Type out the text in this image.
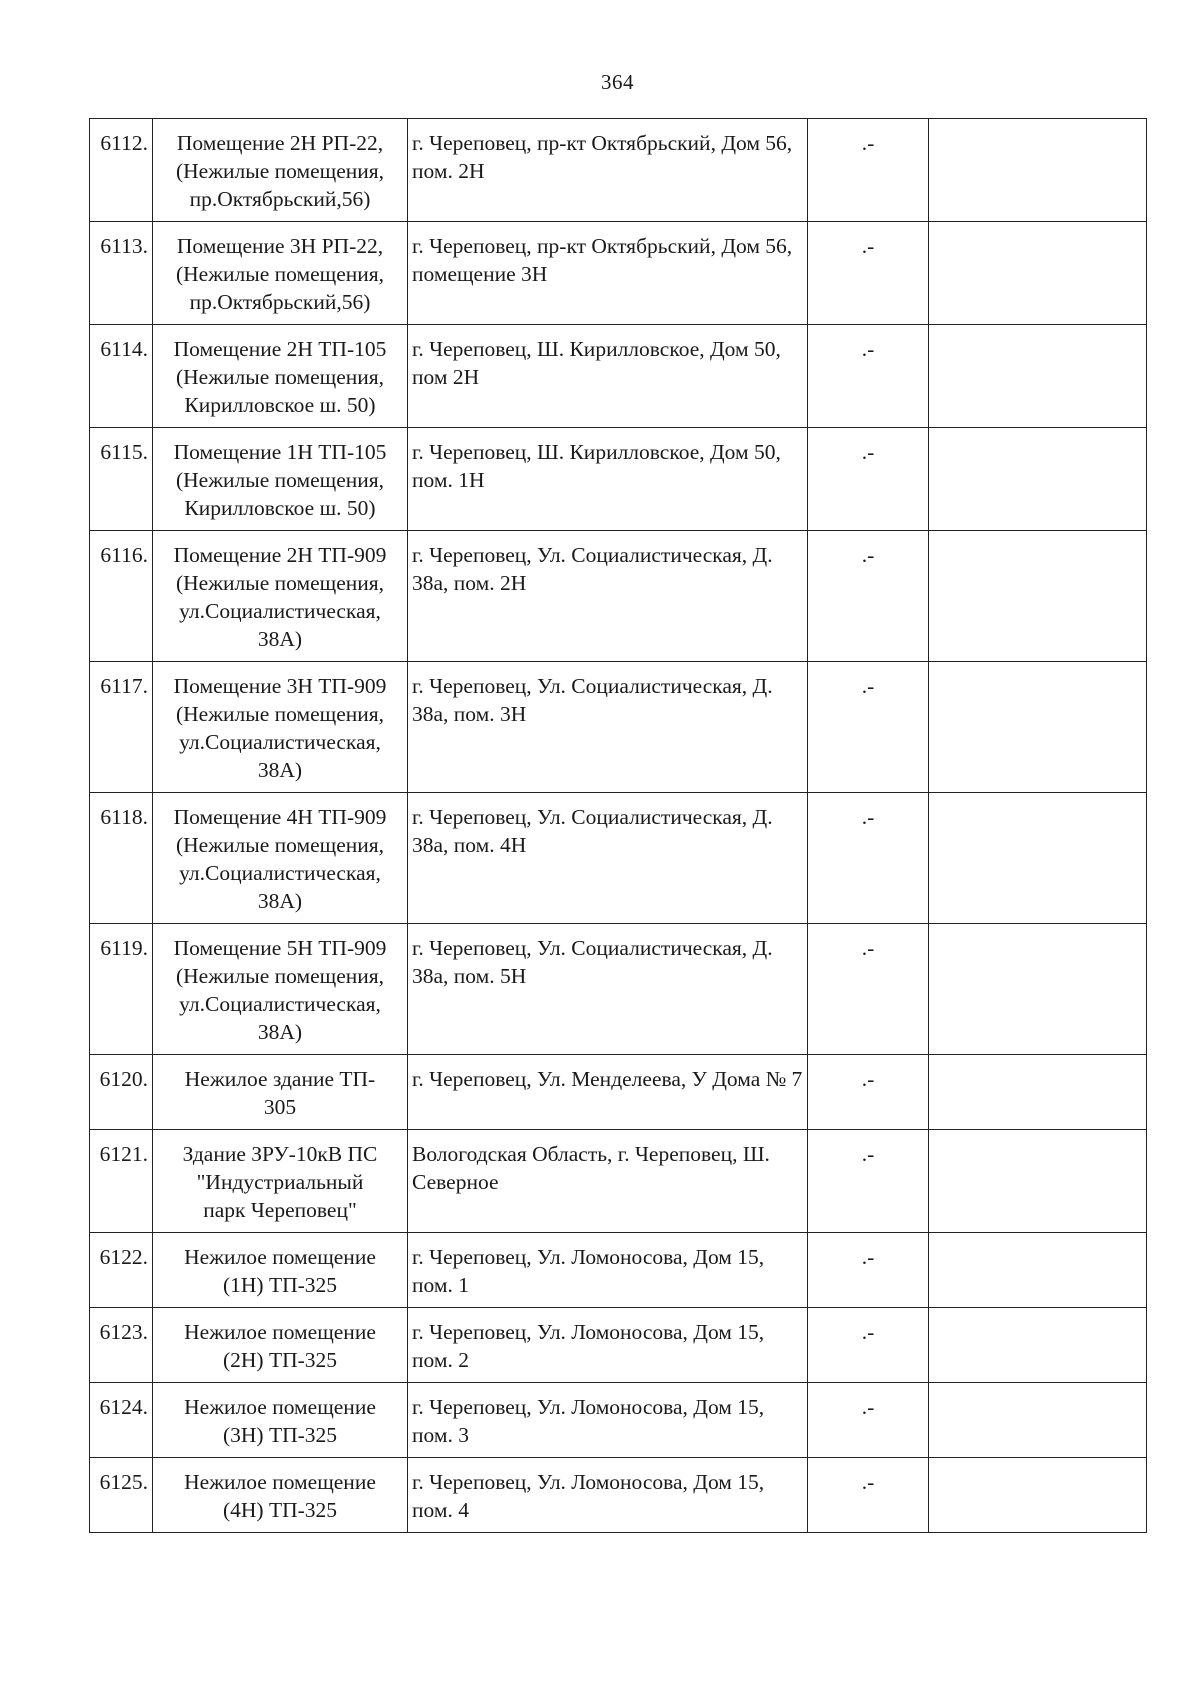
364
6112.	Помещение 2Н РП-22,
(Нежилые помещения,
пр.Октябрьский,56)	г. Череповец, пр-кт Октябрьский, Дом 56, пом. 2Н	.-	
6113.	Помещение 3Н РП-22,
(Нежилые помещения,
пр.Октябрьский,56)	г. Череповец, пр-кт Октябрьский, Дом 56, помещение 3Н	.-	
6114.	Помещение 2Н ТП-105
(Нежилые помещения,
Кирилловское ш. 50)	г. Череповец, Ш. Кирилловское, Дом 50, пом 2Н	.-	
6115.	Помещение 1Н ТП-105
(Нежилые помещения,
Кирилловское ш. 50)	г. Череповец, Ш. Кирилловское, Дом 50, пом. 1Н	.-	
6116.	Помещение 2Н ТП-909
(Нежилые помещения,
ул.Социалистическая,
38А)	г. Череповец, Ул. Социалистическая, Д. 38а, пом. 2Н	.-	
6117.	Помещение 3Н ТП-909
(Нежилые помещения,
ул.Социалистическая,
38А)	г. Череповец, Ул. Социалистическая, Д. 38а, пом. 3Н	.-	
6118.	Помещение 4Н ТП-909
(Нежилые помещения,
ул.Социалистическая,
38А)	г. Череповец, Ул. Социалистическая, Д. 38а, пом. 4Н	.-	
6119.	Помещение 5Н ТП-909
(Нежилые помещения,
ул.Социалистическая,
38А)	г. Череповец, Ул. Социалистическая, Д. 38а, пом. 5Н	.-	
6120.	Нежилое здание ТП-
305	г. Череповец, Ул. Менделеева, У Дома № 7	.-	
6121.	Здание ЗРУ-10кВ ПС
"Индустриальный
парк Череповец"	Вологодская Область, г. Череповец, Ш. Северное	.-	
6122.	Нежилое помещение
(1Н) ТП-325	г. Череповец, Ул. Ломоносова, Дом 15, пом. 1	.-	
6123.	Нежилое помещение
(2Н) ТП-325	г. Череповец, Ул. Ломоносова, Дом 15, пом. 2	.-	
6124.	Нежилое помещение
(3Н) ТП-325	г. Череповец, Ул. Ломоносова, Дом 15, пом. 3	.-	
6125.	Нежилое помещение
(4Н) ТП-325	г. Череповец, Ул. Ломоносова, Дом 15, пом. 4	.-	
